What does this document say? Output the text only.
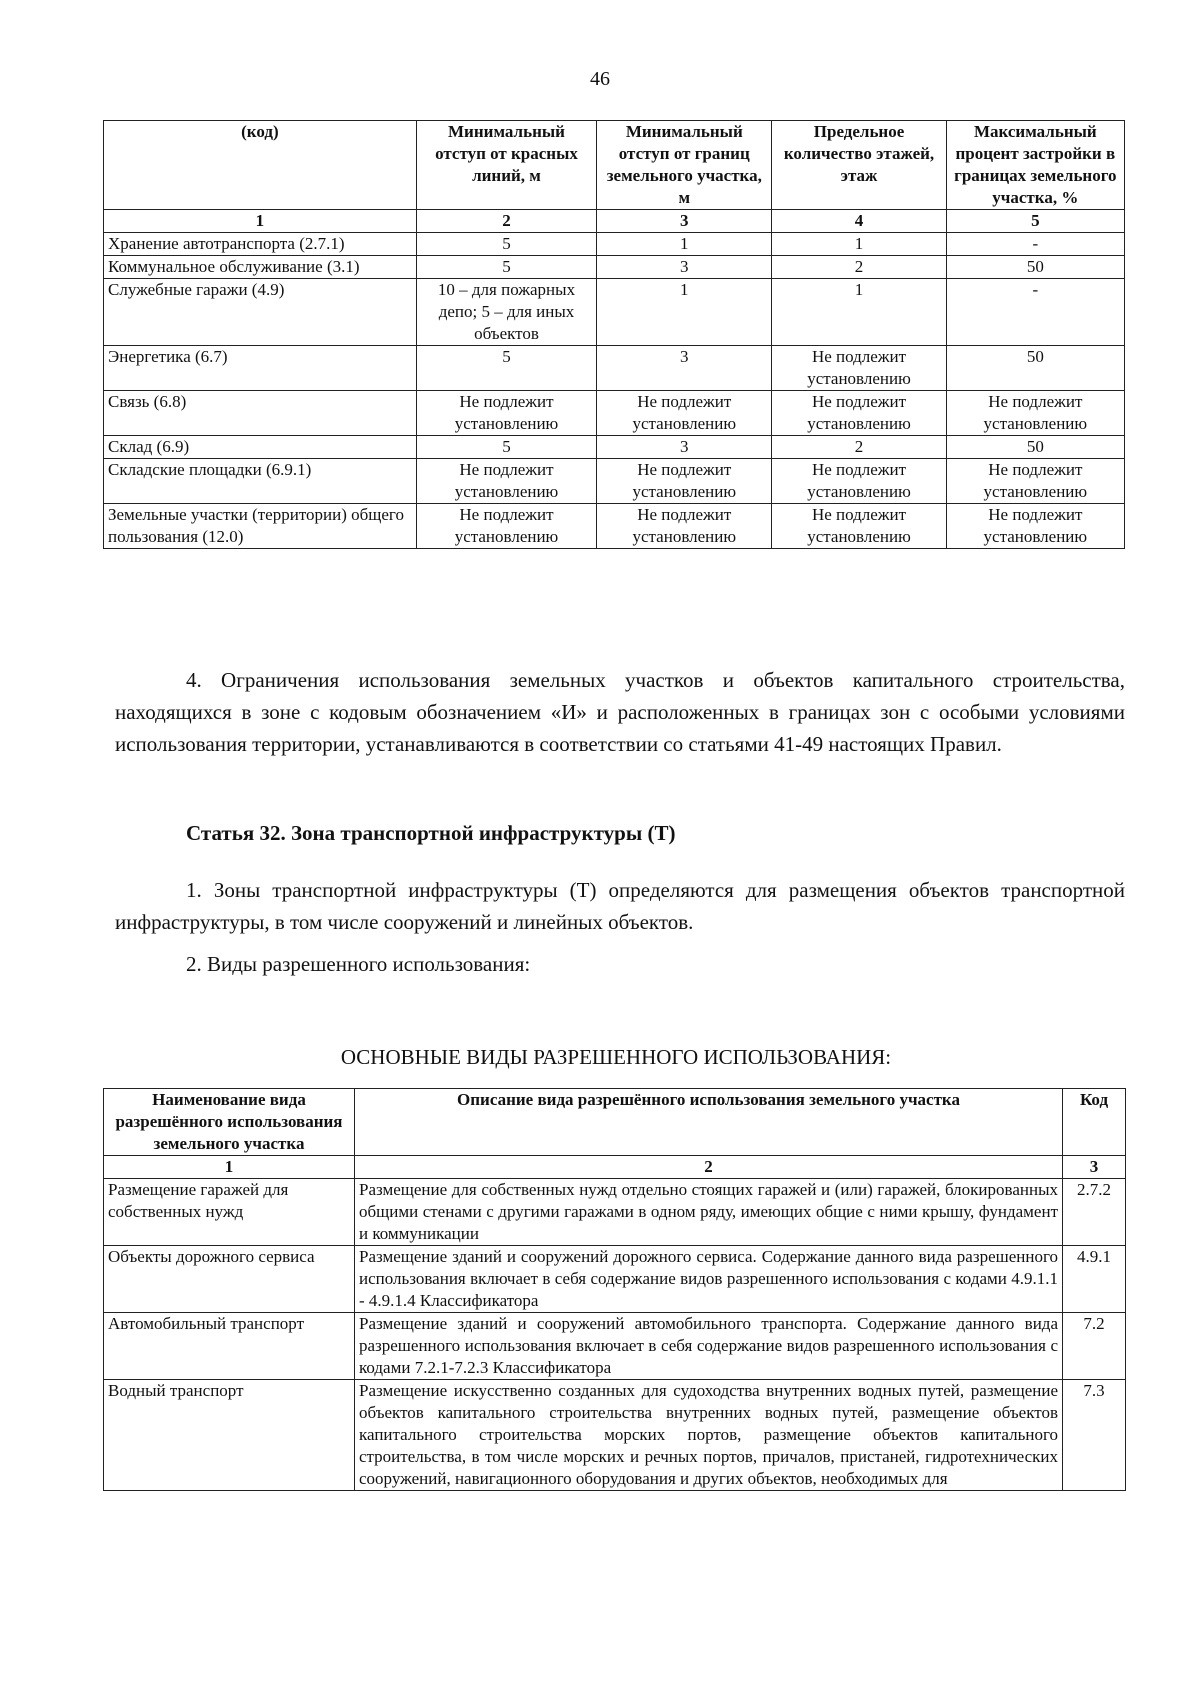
46
(код)	Минимальный отступ от красных линий, м	Минимальный отступ от границ земельного участка, м	Предельное количество этажей, этаж	Максимальный процент застройки в границах земельного участка, %
1	2	3	4	5
Хранение автотранспорта (2.7.1)	5	1	1	-
Коммунальное обслуживание (3.1)	5	3	2	50
Служебные гаражи (4.9)	10 – для пожарных депо; 5 – для иных объектов	1	1	-
Энергетика (6.7)	5	3	Не подлежит установлению	50
Связь (6.8)	Не подлежит установлению	Не подлежит установлению	Не подлежит установлению	Не подлежит установлению
Склад (6.9)	5	3	2	50
Складские площадки (6.9.1)	Не подлежит установлению	Не подлежит установлению	Не подлежит установлению	Не подлежит установлению
Земельные участки (территории) общего пользования (12.0)	Не подлежит установлению	Не подлежит установлению	Не подлежит установлению	Не подлежит установлению

4. Ограничения использования земельных участков и объектов капитального строительства, находящихся в зоне с кодовым обозначением «И» и расположенных в границах зон с особыми условиями использования территории, устанавливаются в соответствии со статьями 41-49 настоящих Правил.

Статья 32. Зона транспортной инфраструктуры (Т)

1. Зоны транспортной инфраструктуры (Т) определяются для размещения объектов транспортной инфраструктуры, в том числе сооружений и линейных объектов.

2. Виды разрешенного использования:

ОСНОВНЫЕ ВИДЫ РАЗРЕШЕННОГО ИСПОЛЬЗОВАНИЯ:

Наименование вида разрешённого использования земельного участка	Описание вида разрешённого использования земельного участка	Код
1	2	3
Размещение гаражей для собственных нужд	Размещение для собственных нужд отдельно стоящих гаражей и (или) гаражей, блокированных общими стенами с другими гаражами в одном ряду, имеющих общие с ними крышу, фундамент и коммуникации	2.7.2
Объекты дорожного сервиса	Размещение зданий и сооружений дорожного сервиса. Содержание данного вида разрешенного использования включает в себя содержание видов разрешенного использования с кодами 4.9.1.1 - 4.9.1.4 Классификатора	4.9.1
Автомобильный транспорт	Размещение зданий и сооружений автомобильного транспорта. Содержание данного вида разрешенного использования включает в себя содержание видов разрешенного использования с кодами 7.2.1-7.2.3 Классификатора	7.2
Водный транспорт	Размещение искусственно созданных для судоходства внутренних водных путей, размещение объектов капитального строительства внутренних водных путей, размещение объектов капитального строительства морских портов, размещение объектов капитального строительства, в том числе морских и речных портов, причалов, пристаней, гидротехнических сооружений, навигационного оборудования и других объектов, необходимых для	7.3
